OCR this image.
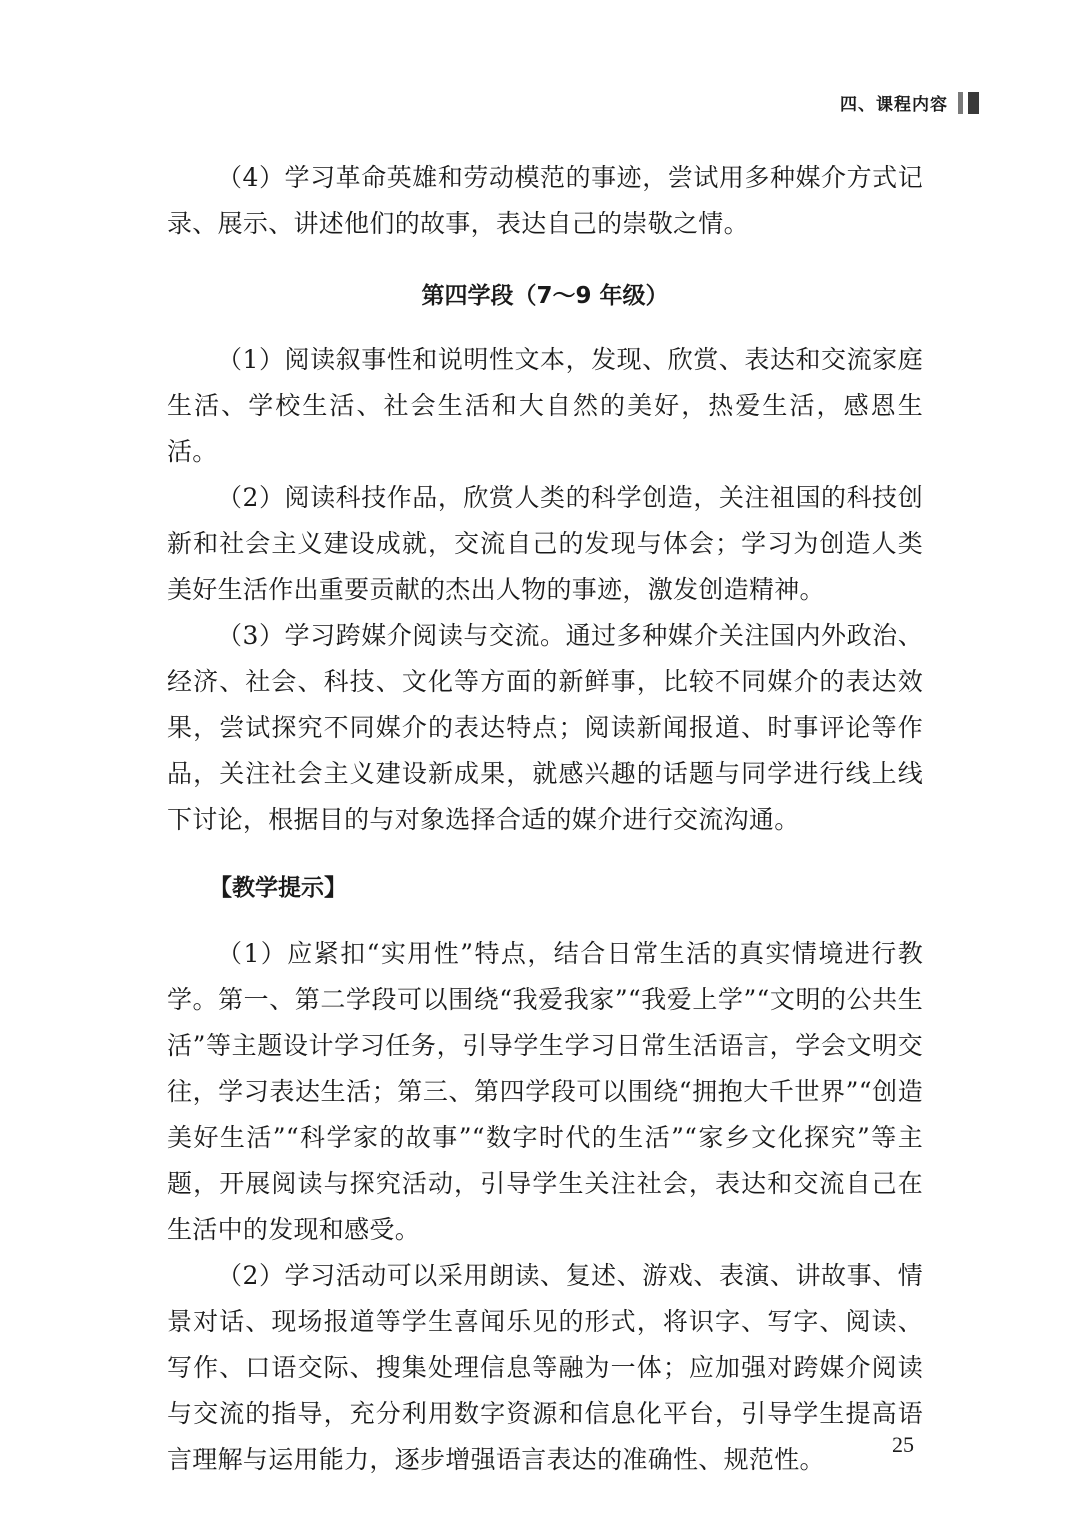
四、课程内容

（4）学习革命英雄和劳动模范的事迹，尝试用多种媒介方式记录、展示、讲述他们的故事，表达自己的崇敬之情。

第四学段（7～9 年级）

（1）阅读叙事性和说明性文本，发现、欣赏、表达和交流家庭生活、学校生活、社会生活和大自然的美好，热爱生活，感恩生活。

（2）阅读科技作品，欣赏人类的科学创造，关注祖国的科技创新和社会主义建设成就，交流自己的发现与体会；学习为创造人类美好生活作出重要贡献的杰出人物的事迹，激发创造精神。

（3）学习跨媒介阅读与交流。通过多种媒介关注国内外政治、经济、社会、科技、文化等方面的新鲜事，比较不同媒介的表达效果，尝试探究不同媒介的表达特点；阅读新闻报道、时事评论等作品，关注社会主义建设新成果，就感兴趣的话题与同学进行线上线下讨论，根据目的与对象选择合适的媒介进行交流沟通。

【教学提示】

（1）应紧扣“实用性”特点，结合日常生活的真实情境进行教学。第一、第二学段可以围绕“我爱我家”“我爱上学”“文明的公共生活”等主题设计学习任务，引导学生学习日常生活语言，学会文明交往，学习表达生活；第三、第四学段可以围绕“拥抱大千世界”“创造美好生活”“科学家的故事”“数字时代的生活”“家乡文化探究”等主题，开展阅读与探究活动，引导学生关注社会，表达和交流自己在生活中的发现和感受。

（2）学习活动可以采用朗读、复述、游戏、表演、讲故事、情景对话、现场报道等学生喜闻乐见的形式，将识字、写字、阅读、写作、口语交际、搜集处理信息等融为一体；应加强对跨媒介阅读与交流的指导，充分利用数字资源和信息化平台，引导学生提高语言理解与运用能力，逐步增强语言表达的准确性、规范性。

25
